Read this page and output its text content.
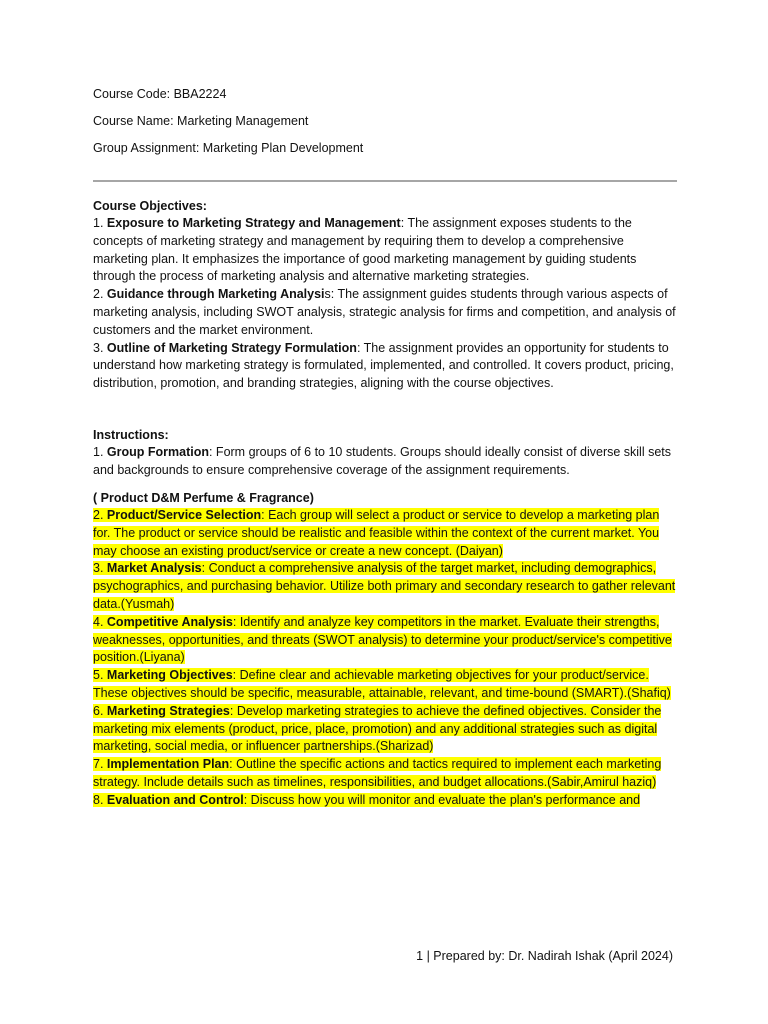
Course Code: BBA2224

Course Name: Marketing Management

Group Assignment: Marketing Plan Development

Course Objectives:

1. Exposure to Marketing Strategy and Management: The assignment exposes students to the concepts of marketing strategy and management by requiring them to develop a comprehensive marketing plan. It emphasizes the importance of good marketing management by guiding students through the process of marketing analysis and alternative marketing strategies.

2. Guidance through Marketing Analysis: The assignment guides students through various aspects of marketing analysis, including SWOT analysis, strategic analysis for firms and competition, and analysis of customers and the market environment.

3. Outline of Marketing Strategy Formulation: The assignment provides an opportunity for students to understand how marketing strategy is formulated, implemented, and controlled. It covers product, pricing, distribution, promotion, and branding strategies, aligning with the course objectives.

Instructions:

1. Group Formation: Form groups of 6 to 10 students. Groups should ideally consist of diverse skill sets and backgrounds to ensure comprehensive coverage of the assignment requirements.

( Product D&M Perfume & Fragrance)

2. Product/Service Selection: Each group will select a product or service to develop a marketing plan for. The product or service should be realistic and feasible within the context of the current market. You may choose an existing product/service or create a new concept. (Daiyan)

3. Market Analysis: Conduct a comprehensive analysis of the target market, including demographics, psychographics, and purchasing behavior. Utilize both primary and secondary research to gather relevant data.(Yusmah)

4. Competitive Analysis: Identify and analyze key competitors in the market. Evaluate their strengths, weaknesses, opportunities, and threats (SWOT analysis) to determine your product/service's competitive position.(Liyana)

5. Marketing Objectives: Define clear and achievable marketing objectives for your product/service. These objectives should be specific, measurable, attainable, relevant, and time-bound (SMART).(Shafiq)

6. Marketing Strategies: Develop marketing strategies to achieve the defined objectives. Consider the marketing mix elements (product, price, place, promotion) and any additional strategies such as digital marketing, social media, or influencer partnerships.(Sharizad)

7. Implementation Plan: Outline the specific actions and tactics required to implement each marketing strategy. Include details such as timelines, responsibilities, and budget allocations.(Sabir,Amirul haziq)

8. Evaluation and Control: Discuss how you will monitor and evaluate the plan's performance and

1 | Prepared by: Dr. Nadirah Ishak (April 2024)
